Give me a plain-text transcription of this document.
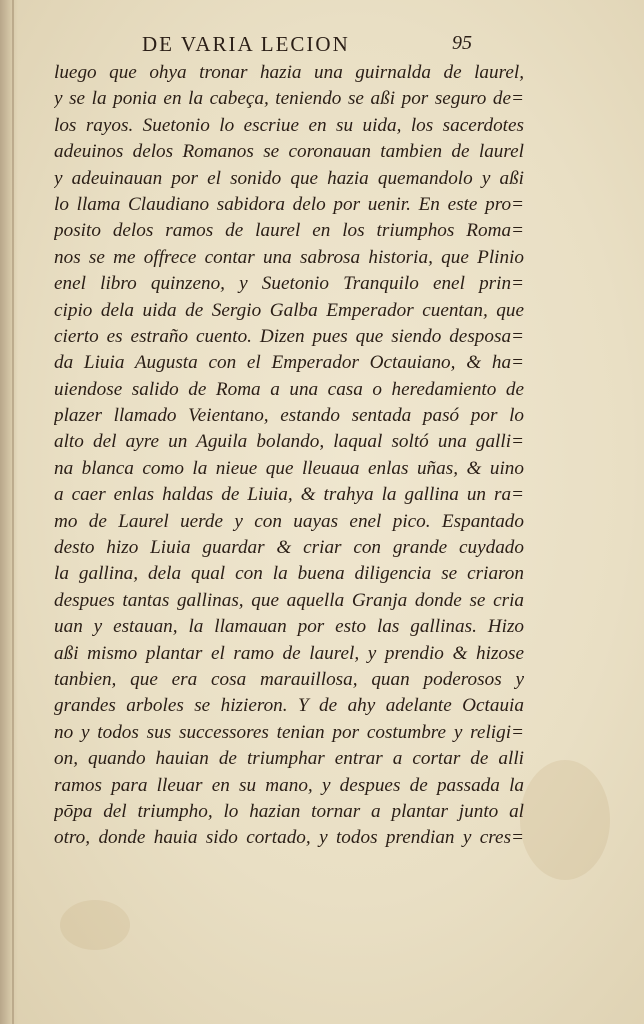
DE VARIA LECION	95
luego que ohya tronar hazia una guirnalda de laurel,
y se la ponia en la cabeça, teniendo se aßi por seguro de=
los rayos. Suetonio lo escriue en su uida, los sacerdotes
adeuinos delos Romanos se coronauan tambien de laurel
y adeuinauan por el sonido que hazia quemandolo y aßi
lo llama Claudiano sabidora delo por uenir. En este pro=
posito delos ramos de laurel en los triumphos Roma=
nos se me offrece contar una sabrosa historia, que Plinio
enel libro quinzeno, y Suetonio Tranquilo enel prin=
cipio dela uida de Sergio Galba Emperador cuentan, que
cierto es estraño cuento. Dizen pues que siendo desposa=
da Liuia Augusta con el Emperador Octauiano, & ha=
uiendose salido de Roma a una casa o heredamiento de
plazer llamado Veientano, estando sentada pasó por lo
alto del ayre un Aguila bolando, laqual soltó una galli=
na blanca como la nieue que lleuaua enlas uñas, & uino
a caer enlas haldas de Liuia, & trahya la gallina un ra=
mo de Laurel uerde y con uayas enel pico. Espantado
desto hizo Liuia guardar & criar con grande cuydado
la gallina, dela qual con la buena diligencia se criaron
despues tantas gallinas, que aquella Granja donde se cria
uan y estauan, la llamauan por esto las gallinas. Hizo
aßi mismo plantar el ramo de laurel, y prendio & hizose
tanbien, que era cosa marauillosa, quan poderosos y
grandes arboles se hizieron. Y de ahy adelante Octauia
no y todos sus successores tenian por costumbre y religi=
on, quando hauian de triumphar entrar a cortar de alli
ramos para lleuar en su mano, y despues de passada la
pōpa del triumpho, lo hazian tornar a plantar junto al
otro, donde hauia sido cortado, y todos prendian y cres=
